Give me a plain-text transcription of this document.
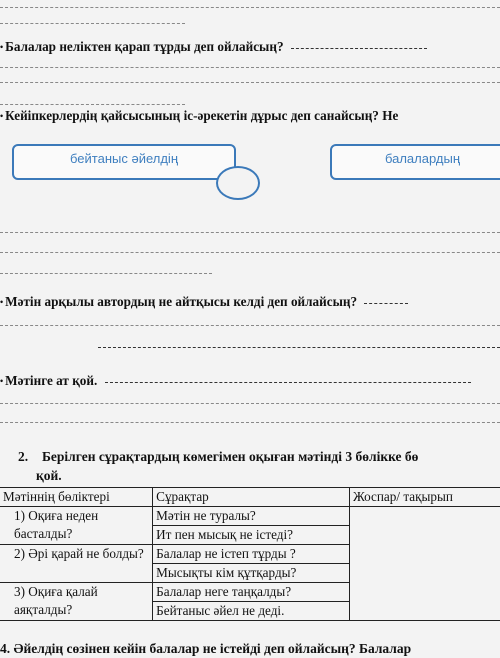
• Балалар неліктен қарап тұрды деп ойлайсың?
• Кейіпкерлердің қайсысының іс-әрекетін дұрыс деп санайсың? Не
бейтаныс әйелдің	балалардың
• Мәтін арқылы автордың не айтқысы келді деп ойлайсың?
• Мәтінге ат қой.
2. Берілген сұрақтардың көмегімен оқыған мәтінді 3 бөлікке бө
қой.
Мәтіннің бөліктері	Сұрақтар	Жоспар/ тақырып
1) Оқиға неден басталды?	Мәтін не туралы?	
	Ит пен мысық не істеді?	
2) Әрі қарай не болды?	Балалар не істеп тұрды ?	
	Мысықты кім құтқарды?	
3) Оқиға қалай аяқталды?	Балалар неге таңқалды?	
	Бейтаныс әйел не деді.	
4. Әйелдің сөзінен кейін балалар не істейді деп ойлайсың? Балалар
